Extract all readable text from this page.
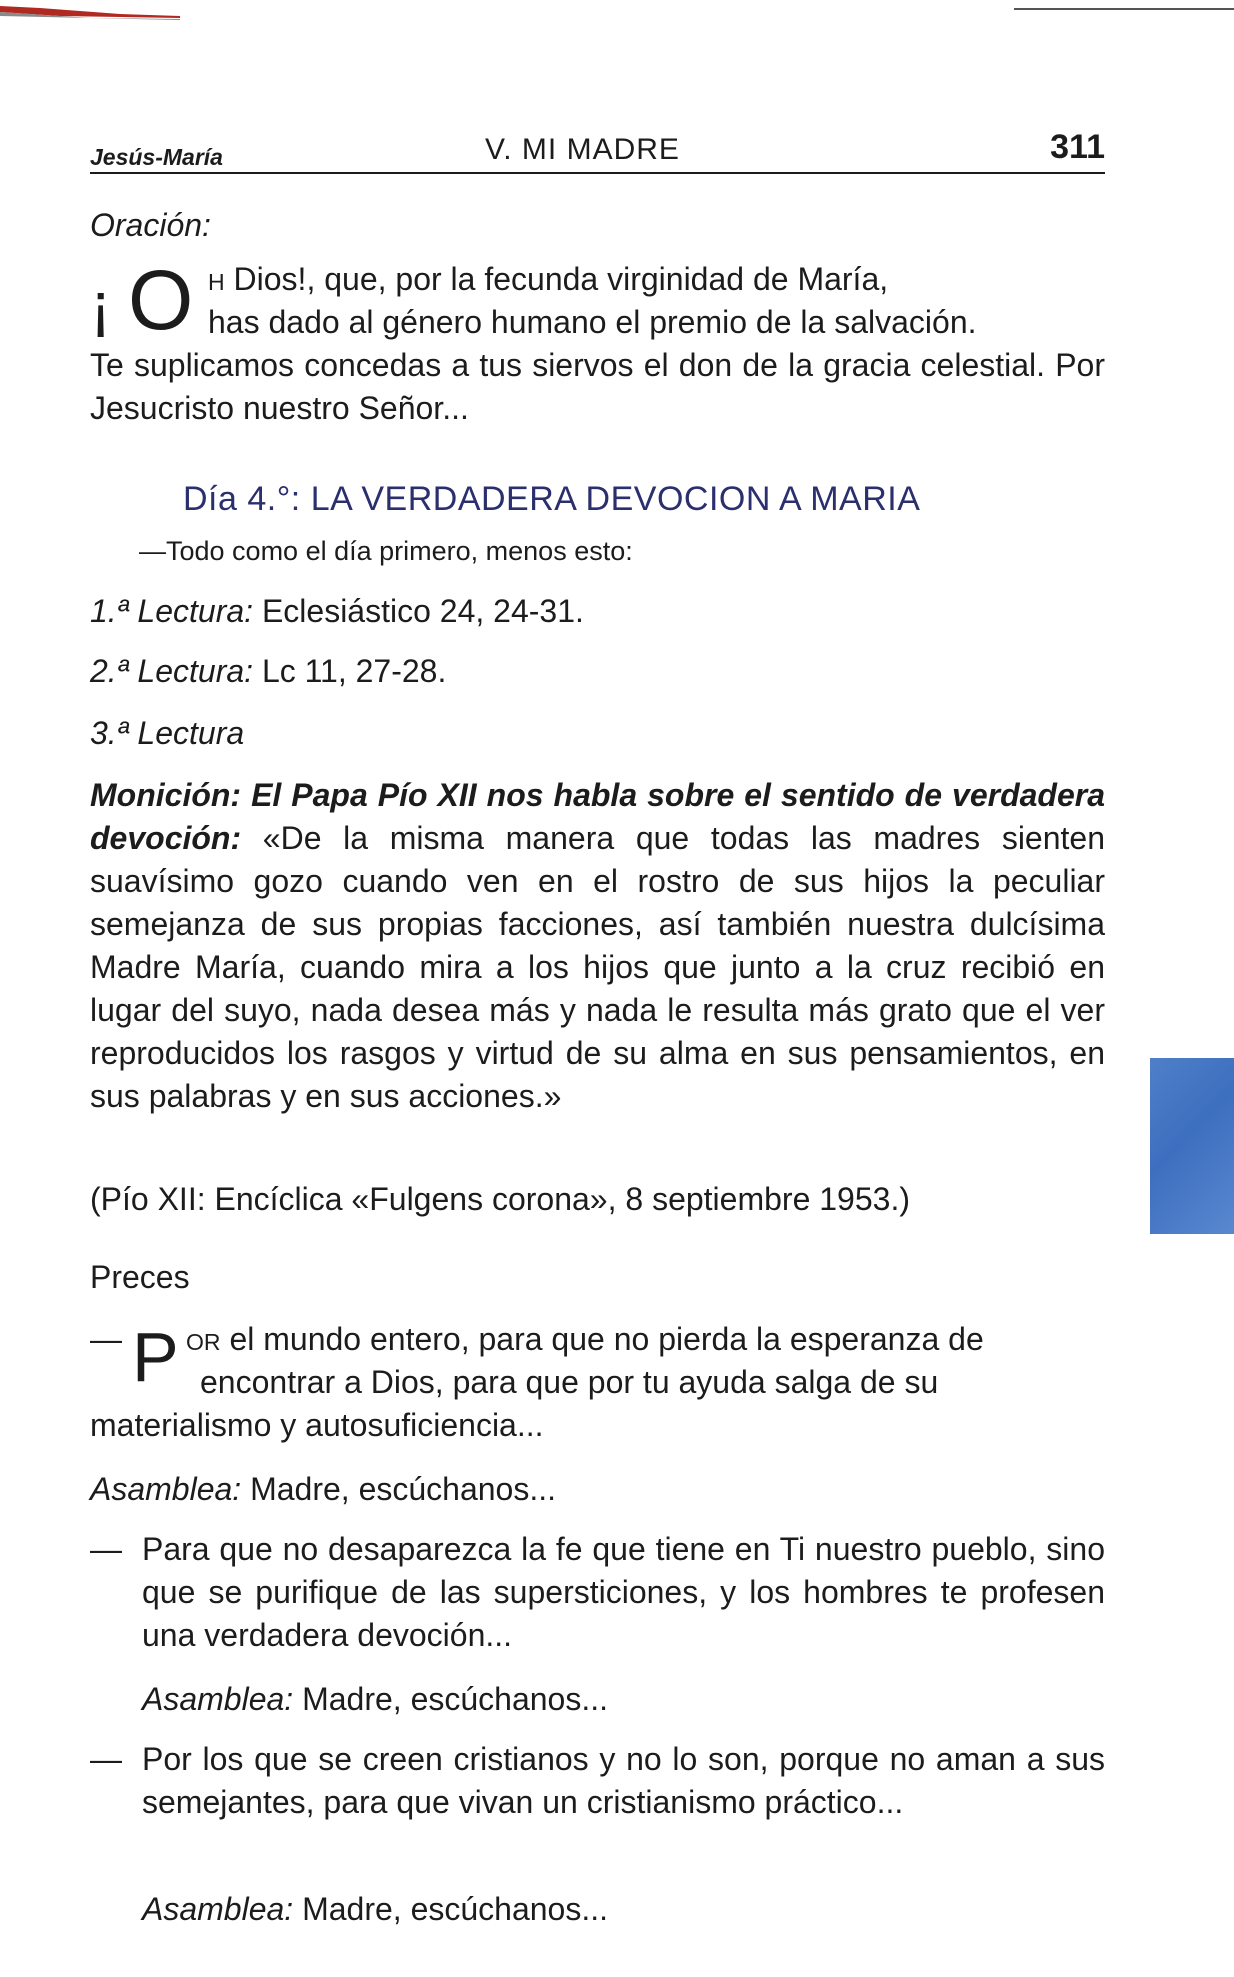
Jesús-María	V. MI MADRE	311
Oración:
¡ O H Dios!, que, por la fecunda virginidad de María,
has dado al género humano el premio de la salvación.
Te suplicamos concedas a tus siervos el don de la gracia celestial. Por Jesucristo nuestro Señor...
Día 4.°: LA VERDADERA DEVOCION A MARIA
—Todo como el día primero, menos esto:
1.ª Lectura: Eclesiástico 24, 24-31.
2.ª Lectura: Lc 11, 27-28.
3.ª Lectura
Monición: El Papa Pío XII nos habla sobre el sentido de verdadera devoción: «De la misma manera que todas las madres sienten suavísimo gozo cuando ven en el rostro de sus hijos la peculiar semejanza de sus propias facciones, así también nuestra dulcísima Madre María, cuando mira a los hijos que junto a la cruz recibió en lugar del suyo, nada desea más y nada le resulta más grato que el ver reproducidos los rasgos y virtud de su alma en sus pensamientos, en sus palabras y en sus acciones.»
(Pío XII: Encíclica «Fulgens corona», 8 septiembre 1953.)
Preces
— P OR el mundo entero, para que no pierda la esperanza de
encontrar a Dios, para que por tu ayuda salga de su
materialismo y autosuficiencia...
Asamblea: Madre, escúchanos...
— Para que no desaparezca la fe que tiene en Ti nuestro pueblo, sino que se purifique de las supersticiones, y los hombres te profesen una verdadera devoción...
Asamblea: Madre, escúchanos...
— Por los que se creen cristianos y no lo son, porque no aman a sus semejantes, para que vivan un cristianismo práctico...
Asamblea: Madre, escúchanos...
